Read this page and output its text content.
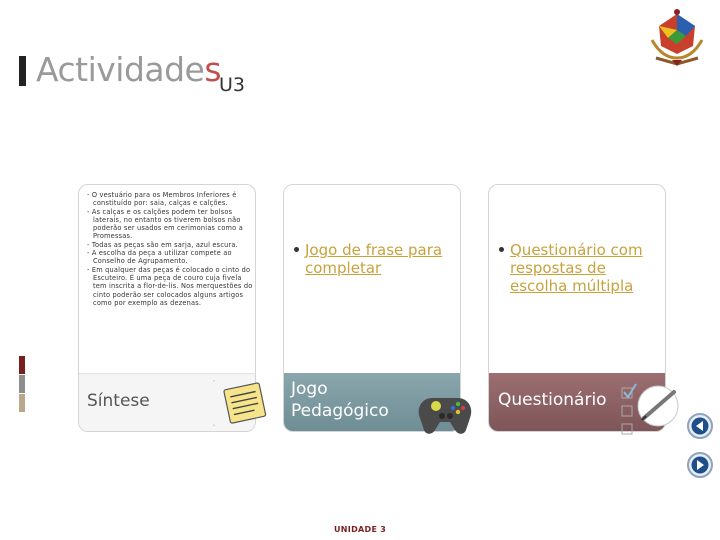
Actividades
U3

- O vestuário para os Membros Inferiores é constituído por: saia, calças e calções.

- As calças e os calções podem ter bolsos laterais, no entanto os tiverem bolsos não poderão ser usados em cerimonias como a Promessas.

- Todas as peças são em sarja, azul escura.

- A escolha da peça a utilizar compete ao Conselho de Agrupamento.

- Em qualquer das peças é colocado o cinto do Escuteiro. É uma peça de couro cuja fivela tem inscrita a flor-de-lis. Nos merquestões do cinto poderão ser colocados alguns artigos como por exemplo as dezenas.

Síntese
Jogo de frase para completar
Jogo
Pedagógico
Questionário com respostas de escolha múltipla
Questionário
UNIDADE 3
